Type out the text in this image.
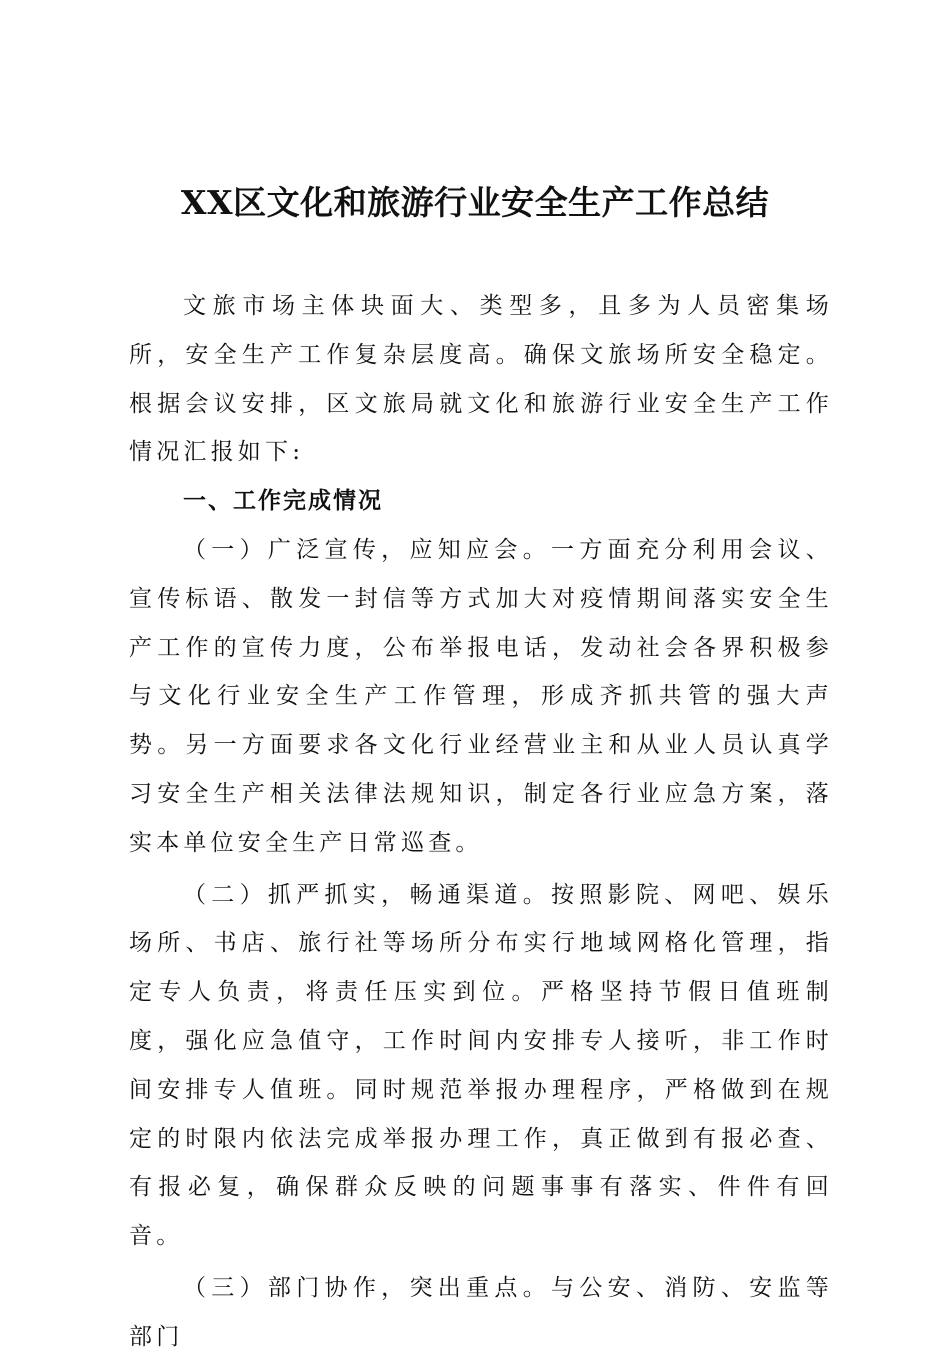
XX区文化和旅游行业安全生产工作总结

文旅市场主体块面大、类型多，且多为人员密集场所，安全生产工作复杂层度高。确保文旅场所安全稳定。根据会议安排，区文旅局就文化和旅游行业安全生产工作情况汇报如下:

一、工作完成情况

（一）广泛宣传，应知应会。一方面充分利用会议、宣传标语、散发一封信等方式加大对疫情期间落实安全生产工作的宣传力度，公布举报电话，发动社会各界积极参与文化行业安全生产工作管理，形成齐抓共管的强大声势。另一方面要求各文化行业经营业主和从业人员认真学习安全生产相关法律法规知识，制定各行业应急方案，落实本单位安全生产日常巡查。

（二）抓严抓实，畅通渠道。按照影院、网吧、娱乐场所、书店、旅行社等场所分布实行地域网格化管理，指定专人负责，将责任压实到位。严格坚持节假日值班制度，强化应急值守，工作时间内安排专人接听，非工作时间安排专人值班。同时规范举报办理程序，严格做到在规定的时限内依法完成举报办理工作，真正做到有报必查、有报必复，确保群众反映的问题事事有落实、件件有回音。

（三）部门协作，突出重点。与公安、消防、安监等部门
